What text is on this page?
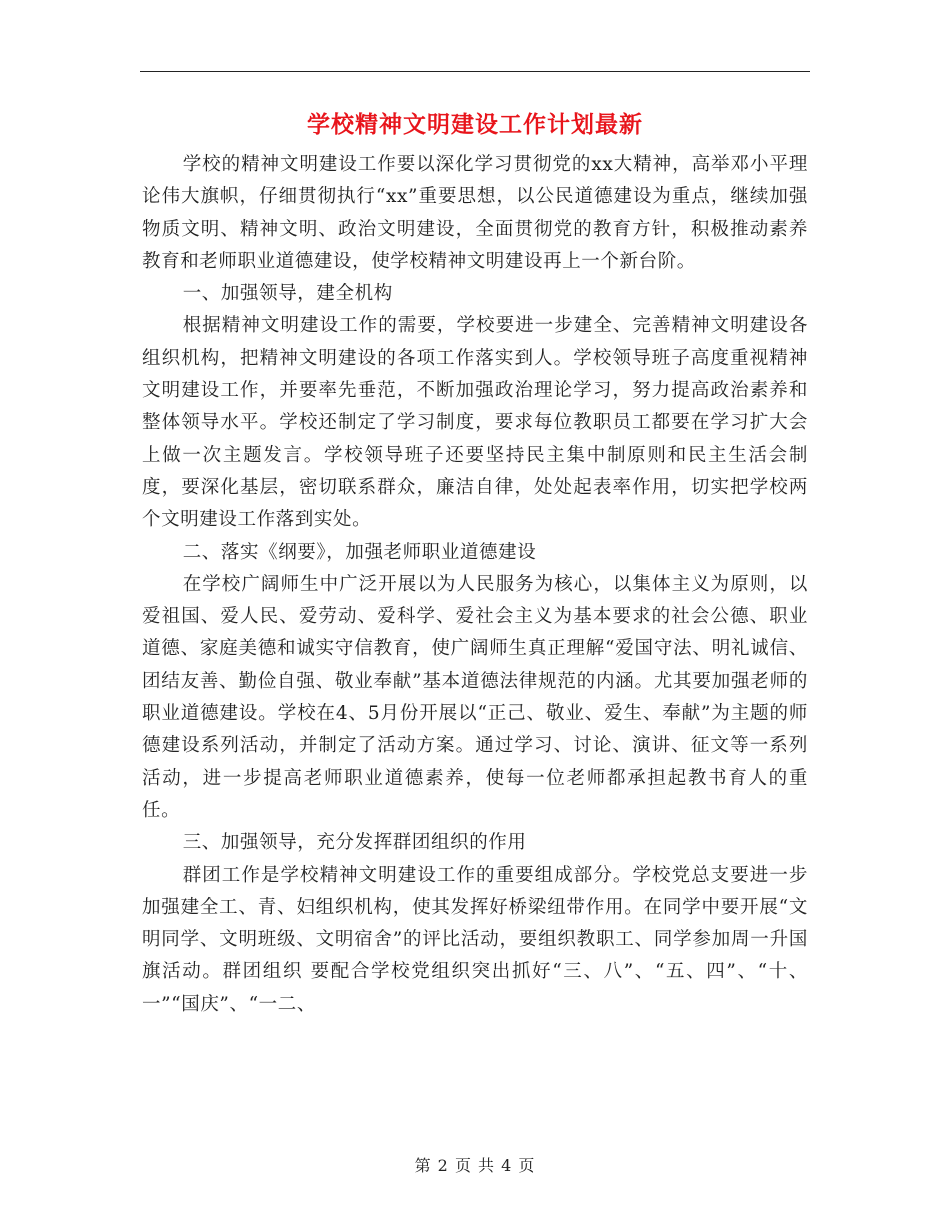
学校精神文明建设工作计划最新

学校的精神文明建设工作要以深化学习贯彻党的xx大精神，高举邓小平理论伟大旗帜，仔细贯彻执行“xx”重要思想，以公民道德建设为重点，继续加强物质文明、精神文明、政治文明建设，全面贯彻党的教育方针，积极推动素养教育和老师职业道德建设，使学校精神文明建设再上一个新台阶。

一、加强领导，建全机构

根据精神文明建设工作的需要，学校要进一步建全、完善精神文明建设各组织机构，把精神文明建设的各项工作落实到人。学校领导班子高度重视精神文明建设工作，并要率先垂范，不断加强政治理论学习，努力提高政治素养和整体领导水平。学校还制定了学习制度，要求每位教职员工都要在学习扩大会上做一次主题发言。学校领导班子还要坚持民主集中制原则和民主生活会制度，要深化基层，密切联系群众，廉洁自律，处处起表率作用，切实把学校两个文明建设工作落到实处。

二、落实《纲要》，加强老师职业道德建设

在学校广阔师生中广泛开展以为人民服务为核心，以集体主义为原则，以爱祖国、爱人民、爱劳动、爱科学、爱社会主义为基本要求的社会公德、职业道德、家庭美德和诚实守信教育，使广阔师生真正理解“爱国守法、明礼诚信、团结友善、勤俭自强、敬业奉献”基本道德法律规范的内涵。尤其要加强老师的职业道德建设。学校在4、5月份开展以“正己、敬业、爱生、奉献”为主题的师德建设系列活动，并制定了活动方案。通过学习、讨论、演讲、征文等一系列活动，进一步提高老师职业道德素养，使每一位老师都承担起教书育人的重任。

三、加强领导，充分发挥群团组织的作用

群团工作是学校精神文明建设工作的重要组成部分。学校党总支要进一步加强建全工、青、妇组织机构，使其发挥好桥梁纽带作用。在同学中要开展“文明同学、文明班级、文明宿舍”的评比活动，要组织教职工、同学参加周一升国旗活动。群团组织 要配合学校党组织突出抓好“三、八”、“五、四”、“十、一”“国庆”、“一二、

第 2 页 共 4 页
